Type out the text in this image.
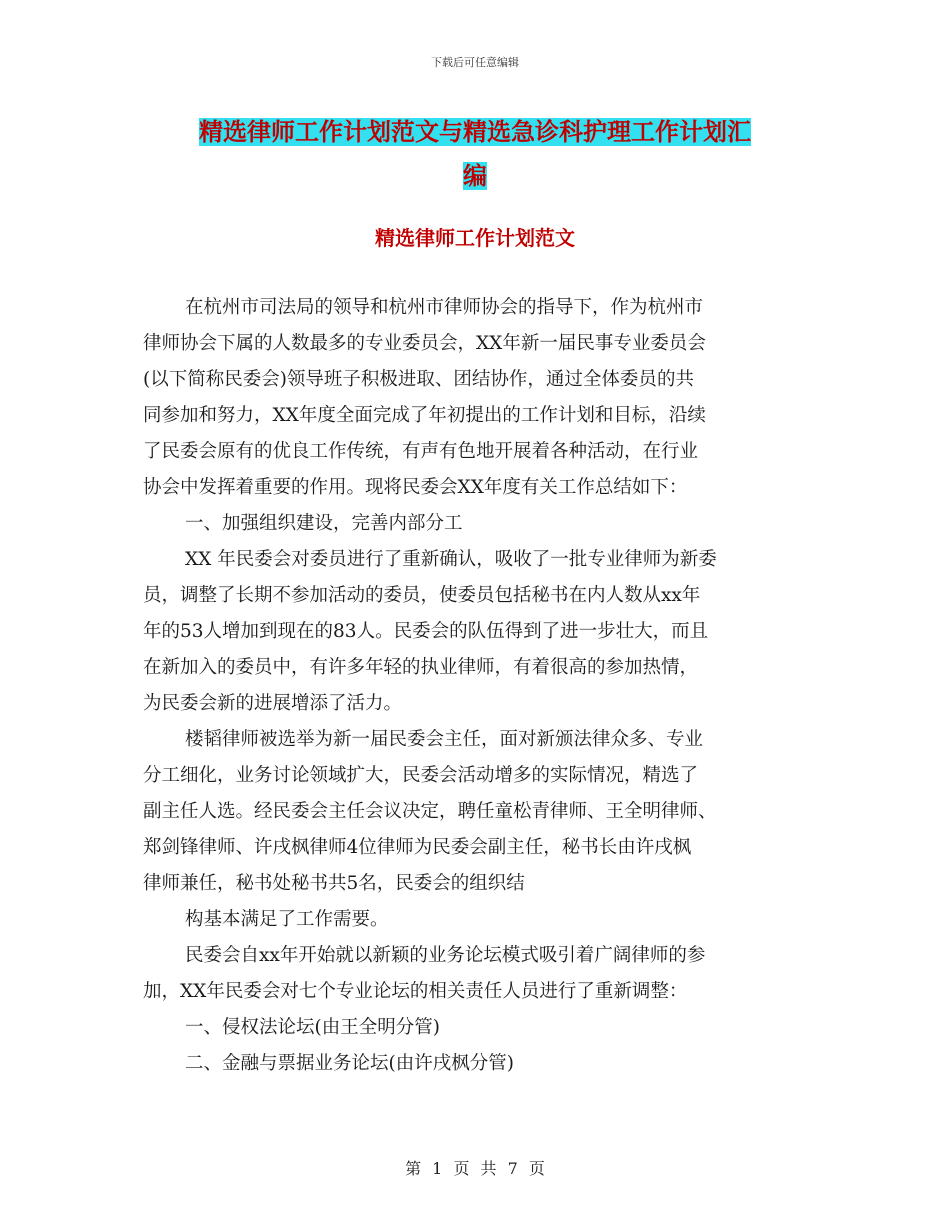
下载后可任意编辑
精选律师工作计划范文与精选急诊科护理工作计划汇
编
精选律师工作计划范文
在杭州市司法局的领导和杭州市律师协会的指导下，作为杭州市
律师协会下属的人数最多的专业委员会，XX年新一届民事专业委员会
(以下简称民委会)领导班子积极进取、团结协作，通过全体委员的共
同参加和努力，XX年度全面完成了年初提出的工作计划和目标，沿续
了民委会原有的优良工作传统，有声有色地开展着各种活动，在行业
协会中发挥着重要的作用。现将民委会XX年度有关工作总结如下：
一、加强组织建设，完善内部分工
XX 年民委会对委员进行了重新确认，吸收了一批专业律师为新委
员，调整了长期不参加活动的委员，使委员包括秘书在内人数从xx年
年的53人增加到现在的83人。民委会的队伍得到了进一步壮大，而且
在新加入的委员中，有许多年轻的执业律师，有着很高的参加热情，
为民委会新的进展增添了活力。
楼韬律师被选举为新一届民委会主任，面对新颁法律众多、专业
分工细化，业务讨论领域扩大，民委会活动增多的实际情况，精选了
副主任人选。经民委会主任会议决定，聘任童松青律师、王全明律师、
郑剑锋律师、许戌枫律师4位律师为民委会副主任，秘书长由许戌枫
律师兼任，秘书处秘书共5名，民委会的组织结
构基本满足了工作需要。
民委会自xx年开始就以新颖的业务论坛模式吸引着广阔律师的参
加，XX年民委会对七个专业论坛的相关责任人员进行了重新调整：
一、侵权法论坛(由王全明分管)
二、金融与票据业务论坛(由许戌枫分管)
第 1 页 共 7 页
